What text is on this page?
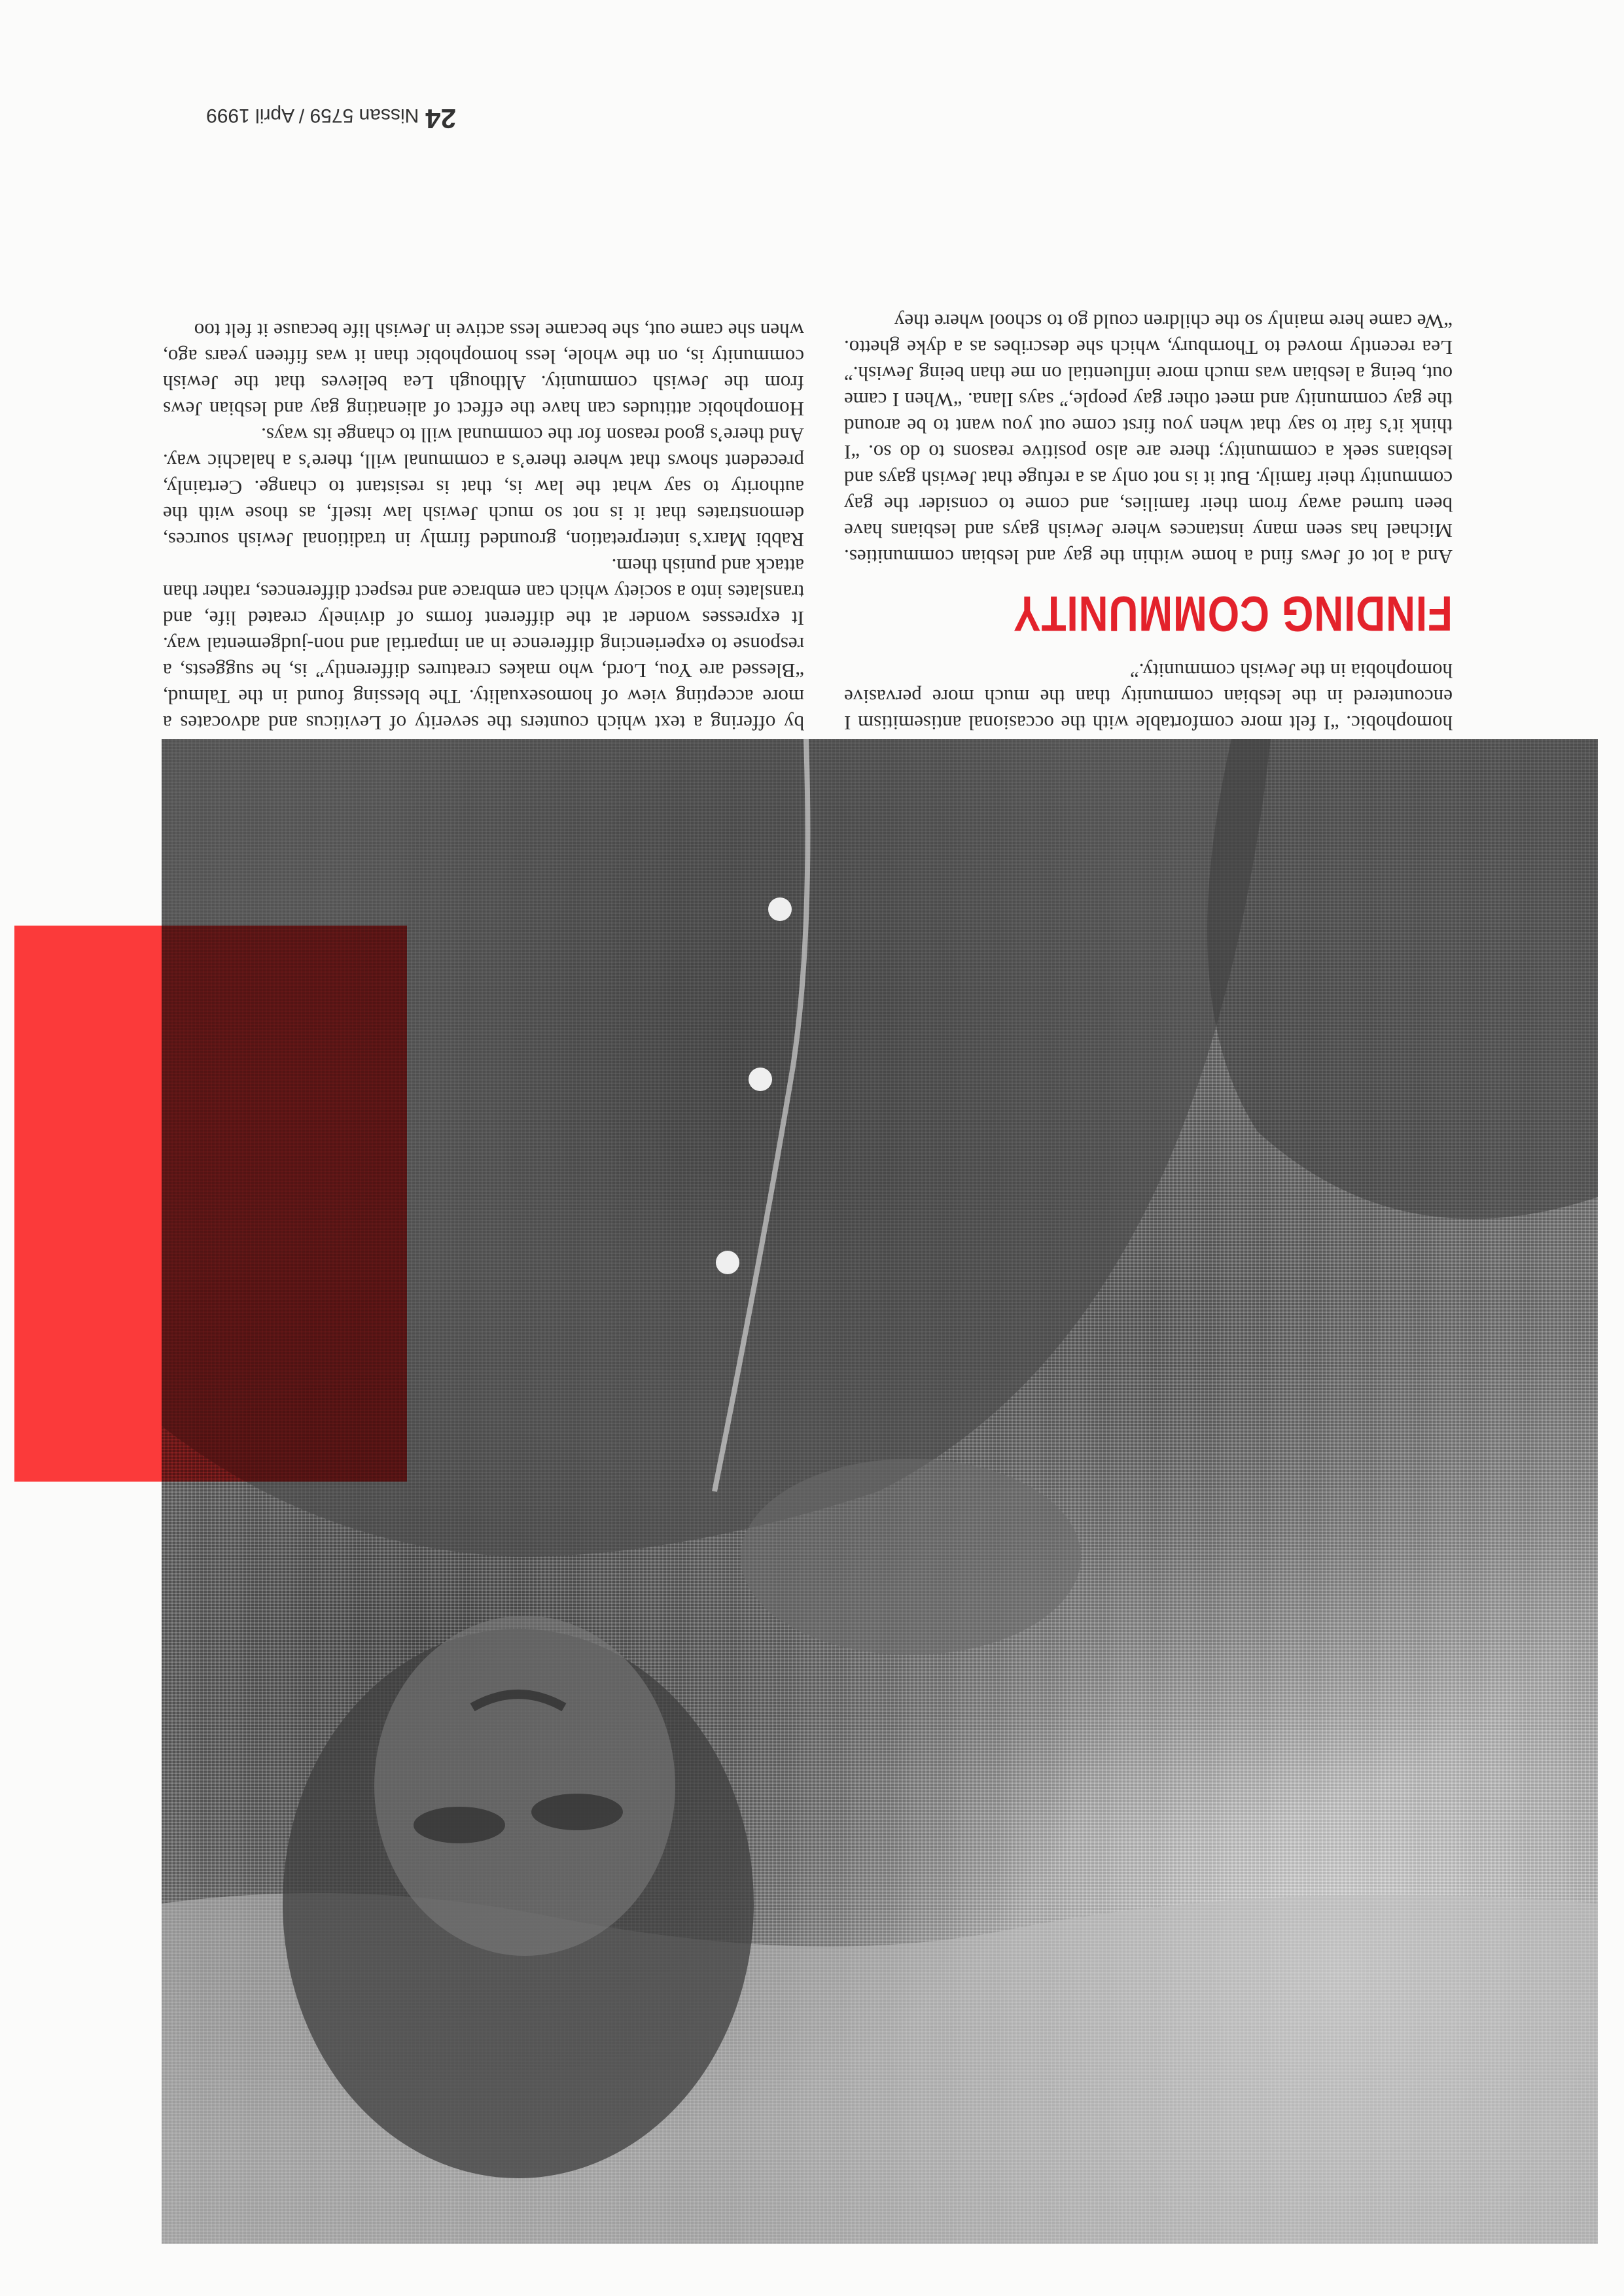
homophobic. “I felt more comfortable with the occasional antisemitism I encountered in the lesbian community than the much more pervasive homophobia in the Jewish community.”

FINDING COMMUNITY

And a lot of Jews find a home within the gay and lesbian communities. Michael has seen many instances where Jewish gays and lesbians have been turned away from their families, and come to consider the gay community their family. But it is not only as a refuge that Jewish gays and lesbians seek a community; there are also positive reasons to do so. “I think it’s fair to say that when you first come out you want to be around the gay community and meet other gay people,” says Ilana. “When I came out, being a lesbian was much more influential on me than being Jewish.” Lea recently moved to Thornbury, which she describes as a dyke ghetto. “We came here mainly so the children could go to school where they

by offering a text which counters the severity of Leviticus and advocates a more accepting view of homosexuality. The blessing found in the Talmud, “Blessed are You, Lord, who makes creatures differently” is, he suggests, a response to experiencing difference in an impartial and non-judgemental way. It expresses wonder at the different forms of divinely created life, and translates into a society which can embrace and respect differences, rather than attack and punish them.

Rabbi Marx’s interpretation, grounded firmly in traditional Jewish sources, demonstrates that it is not so much Jewish law itself, as those with the authority to say what the law is, that is resistant to change. Certainly, precedent shows that where there’s a communal will, there’s a halachic way. And there’s good reason for the communal will to change its ways.

Homophobic attitudes can have the effect of alienating gay and lesbian Jews from the Jewish community. Although Lea believes that the Jewish community is, on the whole, less homophobic than it was fifteen years ago, when she came out, she became less active in Jewish life because it felt too

24Nissan 5759 / April 1999
